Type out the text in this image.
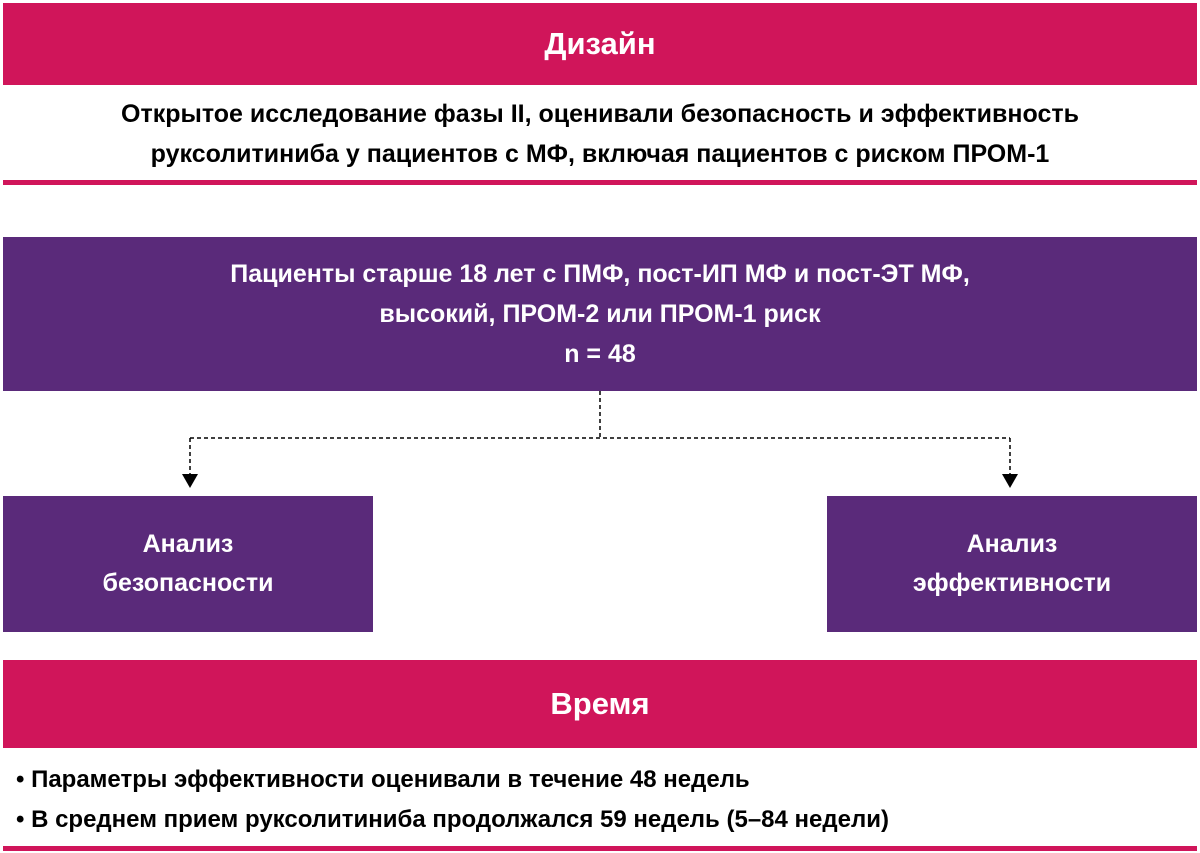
Дизайн
Открытое исследование фазы II, оценивали безопасность и эффективность
руксолитиниба у пациентов с МФ, включая пациентов с риском ПРОМ-1
Пациенты старше 18 лет с ПМФ, пост-ИП МФ и пост-ЭТ МФ,
высокий, ПРОМ-2 или ПРОМ-1 риск
n = 48
Анализ
безопасности
Анализ
эффективности
Время
• Параметры эффективности оценивали в течение 48 недель
• В среднем прием руксолитиниба продолжался 59 недель (5–84 недели)
